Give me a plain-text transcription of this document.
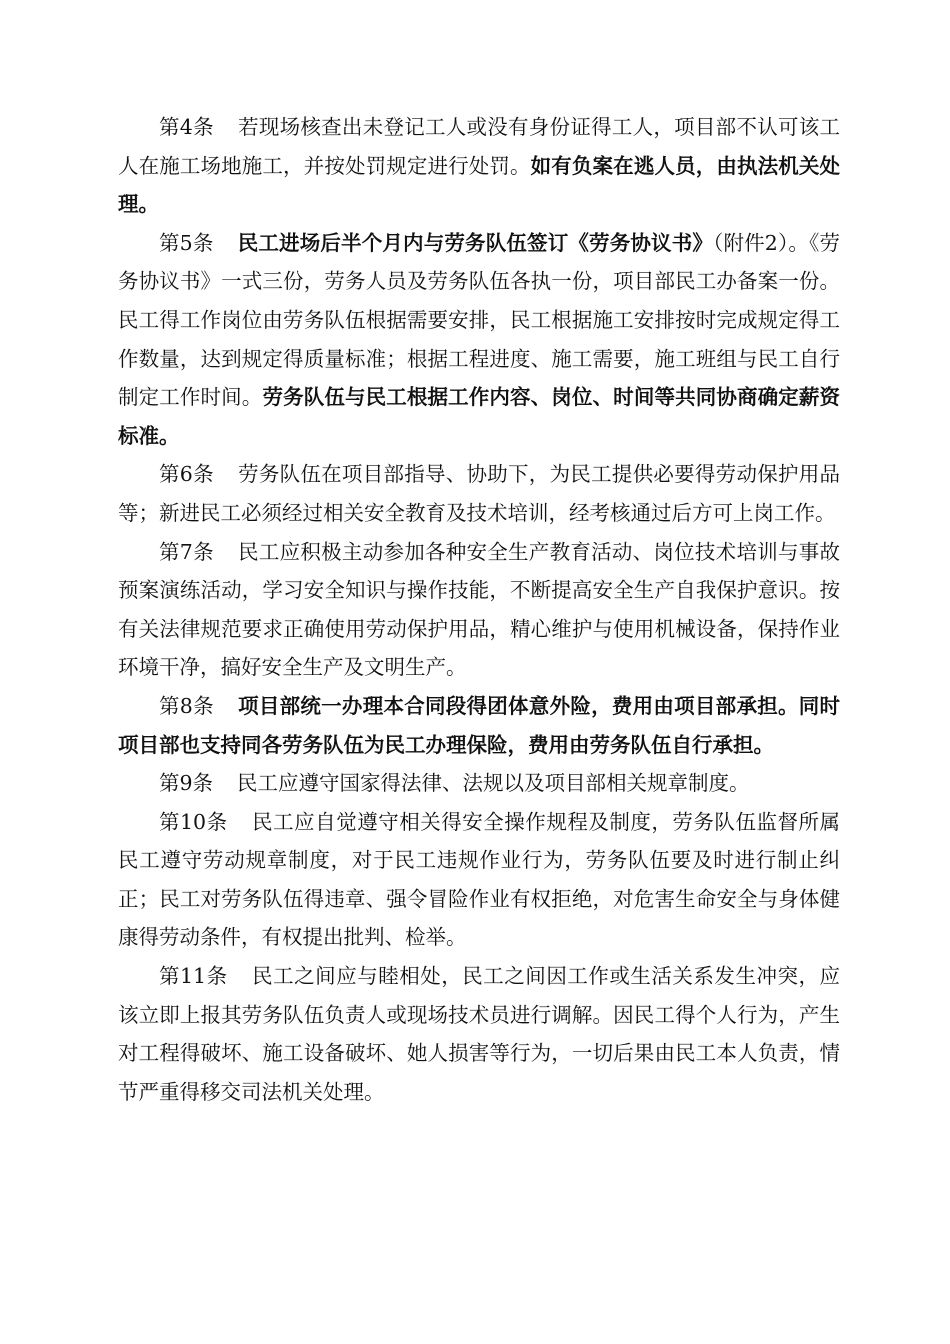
第4条 若现场核查出未登记工人或没有身份证得工人，项目部不认可该工人在施工场地施工，并按处罚规定进行处罚。如有负案在逃人员，由执法机关处理。

第5条 民工进场后半个月内与劳务队伍签订《劳务协议书》（附件2）。《劳务协议书》一式三份，劳务人员及劳务队伍各执一份，项目部民工办备案一份。民工得工作岗位由劳务队伍根据需要安排，民工根据施工安排按时完成规定得工作数量，达到规定得质量标准；根据工程进度、施工需要，施工班组与民工自行制定工作时间。劳务队伍与民工根据工作内容、岗位、时间等共同协商确定薪资标准。

第6条 劳务队伍在项目部指导、协助下，为民工提供必要得劳动保护用品等；新进民工必须经过相关安全教育及技术培训，经考核通过后方可上岗工作。

第7条 民工应积极主动参加各种安全生产教育活动、岗位技术培训与事故预案演练活动，学习安全知识与操作技能，不断提高安全生产自我保护意识。按有关法律规范要求正确使用劳动保护用品，精心维护与使用机械设备，保持作业环境干净，搞好安全生产及文明生产。

第8条 项目部统一办理本合同段得团体意外险，费用由项目部承担。同时项目部也支持同各劳务队伍为民工办理保险，费用由劳务队伍自行承担。

第9条 民工应遵守国家得法律、法规以及项目部相关规章制度。

第10条 民工应自觉遵守相关得安全操作规程及制度，劳务队伍监督所属民工遵守劳动规章制度，对于民工违规作业行为，劳务队伍要及时进行制止纠正；民工对劳务队伍得违章、强令冒险作业有权拒绝，对危害生命安全与身体健康得劳动条件，有权提出批判、检举。

第11条 民工之间应与睦相处，民工之间因工作或生活关系发生冲突，应该立即上报其劳务队伍负责人或现场技术员进行调解。因民工得个人行为，产生对工程得破坏、施工设备破坏、她人损害等行为，一切后果由民工本人负责，情节严重得移交司法机关处理。
